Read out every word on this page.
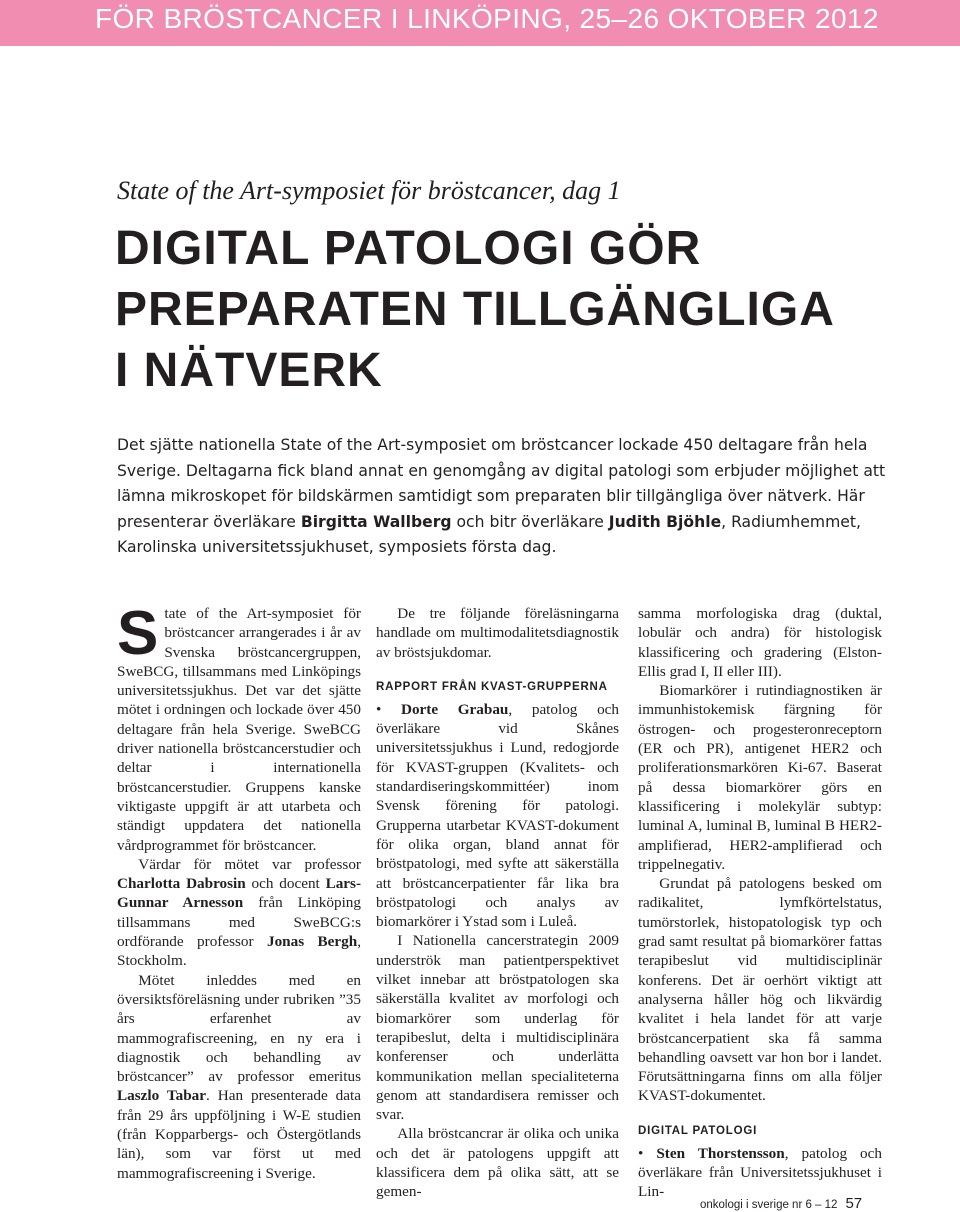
FÖR BRÖSTCANCER I LINKÖPING, 25–26 OKTOBER 2012
State of the Art-symposiet för bröstcancer, dag 1
DIGITAL PATOLOGI GÖR
PREPARATEN TILLGÄNGLIGA
I NÄTVERK
Det sjätte nationella State of the Art-symposiet om bröstcancer lockade 450 deltagare från hela Sverige. Deltagarna fick bland annat en genomgång av digital patologi som erbjuder möjlighet att lämna mikroskopet för bildskärmen samtidigt som preparaten blir tillgängliga över nätverk. Här presenterar överläkare Birgitta Wallberg och bitr överläkare Judith Bjöhle, Radiumhemmet, Karolinska universitetssjukhuset, symposiets första dag.

State of the Art-symposiet för bröstcancer arrangerades i år av Svenska bröstcancergruppen, SweBCG, tillsammans med Linköpings universitetssjukhus. Det var det sjätte mötet i ordningen och lockade över 450 deltagare från hela Sverige. SweBCG driver nationella bröstcancerstudier och deltar i internationella bröstcancerstudier. Gruppens kanske viktigaste uppgift är att utarbeta och ständigt uppdatera det nationella vårdprogrammet för bröstcancer.

Värdar för mötet var professor Charlotta Dabrosin och docent Lars-Gunnar Arnesson från Linköping tillsammans med SweBCG:s ordförande professor Jonas Bergh, Stockholm.

Mötet inleddes med en översiktsföreläsning under rubriken ”35 års erfarenhet av mammografiscreening, en ny era i diagnostik och behandling av bröstcancer” av professor emeritus Laszlo Tabar. Han presenterade data från 29 års uppföljning i W-E studien (från Kopparbergs- och Östergötlands län), som var först ut med mammografiscreening i Sverige.

De tre följande föreläsningarna handlade om multimodalitetsdiagnostik av bröstsjukdomar.

RAPPORT FRÅN KVAST-GRUPPERNA

• Dorte Grabau, patolog och överläkare vid Skånes universitetssjukhus i Lund, redogjorde för KVAST-gruppen (Kvalitets- och standardiseringskommittéer) inom Svensk förening för patologi. Grupperna utarbetar KVAST-dokument för olika organ, bland annat för bröstpatologi, med syfte att säkerställa att bröstcancerpatienter får lika bra bröstpatologi och analys av biomarkörer i Ystad som i Luleå.

I Nationella cancerstrategin 2009 underströk man patientperspektivet vilket innebar att bröstpatologen ska säkerställa kvalitet av morfologi och biomarkörer som underlag för terapibeslut, delta i multidisciplinära konferenser och underlätta kommunikation mellan specialiteterna genom att standardisera remisser och svar.

Alla bröstcancrar är olika och unika och det är patologens uppgift att klassificera dem på olika sätt, att se gemen-

samma morfologiska drag (duktal, lobulär och andra) för histologisk klassificering och gradering (Elston-Ellis grad I, II eller III).

Biomarkörer i rutindiagnostiken är immunhistokemisk färgning för östrogen- och progesteronreceptorn (ER och PR), antigenet HER2 och proliferationsmarkören Ki-67. Baserat på dessa biomarkörer görs en klassificering i molekylär subtyp: luminal A, luminal B, luminal B HER2-amplifierad, HER2-amplifierad och trippelnegativ.

Grundat på patologens besked om radikalitet, lymfkörtelstatus, tumörstorlek, histopatologisk typ och grad samt resultat på biomarkörer fattas terapibeslut vid multidisciplinär konferens. Det är oerhört viktigt att analyserna håller hög och likvärdig kvalitet i hela landet för att varje bröstcancerpatient ska få samma behandling oavsett var hon bor i landet. Förutsättningarna finns om alla följer KVAST-dokumentet.

DIGITAL PATOLOGI

• Sten Thorstensson, patolog och överläkare från Universitetssjukhuset i Lin-

onkologi i sverige nr 6 – 12 57
